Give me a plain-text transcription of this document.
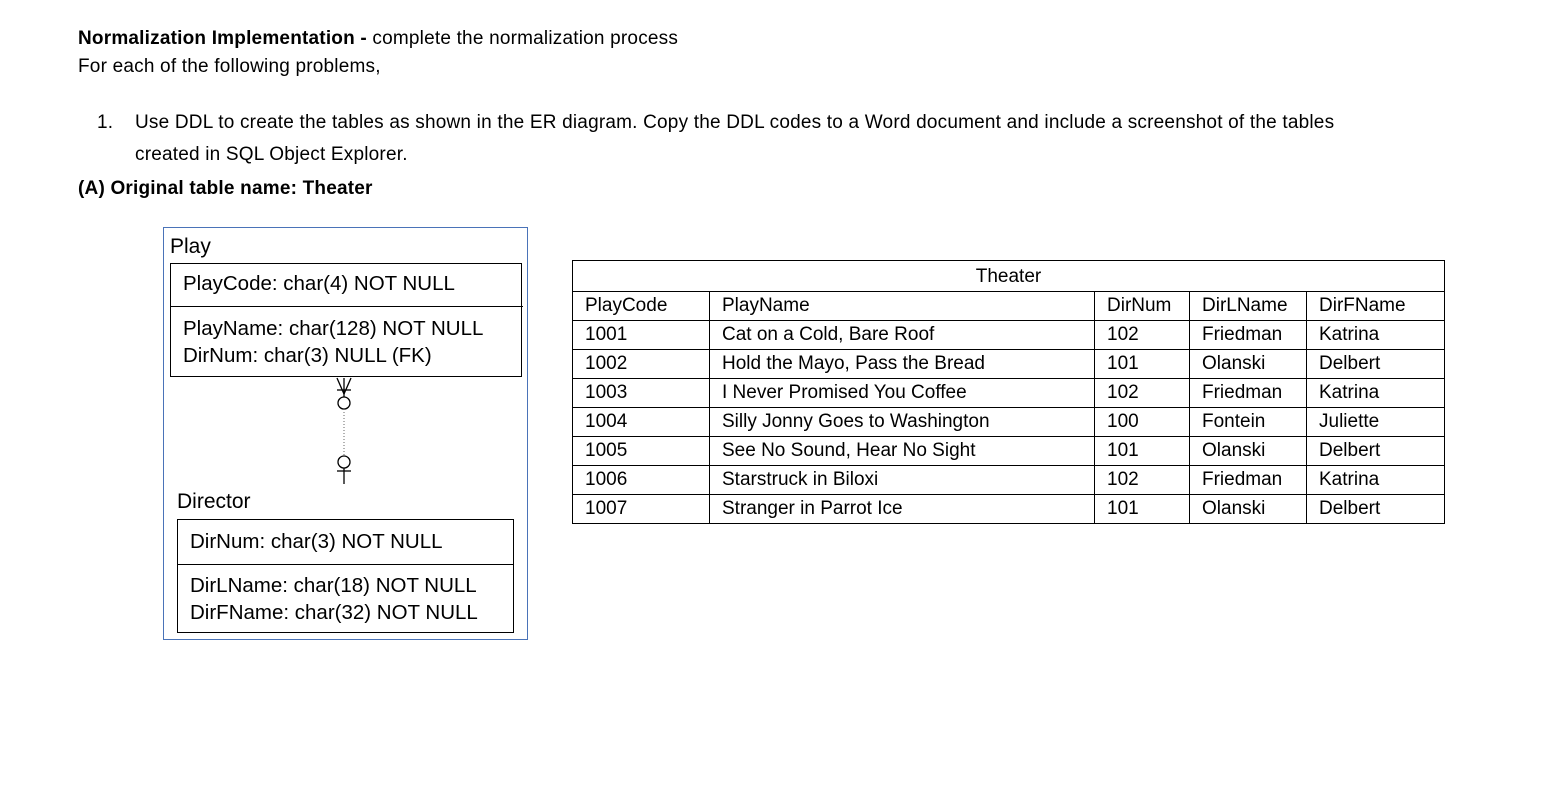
Normalization Implementation - complete the normalization process
For each of the following problems,
1. Use DDL to create the tables as shown in the ER diagram. Copy the DDL codes to a Word document and include a screenshot of the tables
created in SQL Object Explorer.
(A) Original table name: Theater
Play
PlayCode: char(4) NOT NULL
PlayName: char(128) NOT NULL
DirNum: char(3) NULL (FK)
Director
DirNum: char(3) NOT NULL
DirLName: char(18) NOT NULL
DirFName: char(32) NOT NULL
Theater				
PlayCode	PlayName	DirNum	DirLName	DirFName
1001	Cat on a Cold, Bare Roof	102	Friedman	Katrina
1002	Hold the Mayo, Pass the Bread	101	Olanski	Delbert
1003	I Never Promised You Coffee	102	Friedman	Katrina
1004	Silly Jonny Goes to Washington	100	Fontein	Juliette
1005	See No Sound, Hear No Sight	101	Olanski	Delbert
1006	Starstruck in Biloxi	102	Friedman	Katrina
1007	Stranger in Parrot Ice	101	Olanski	Delbert
